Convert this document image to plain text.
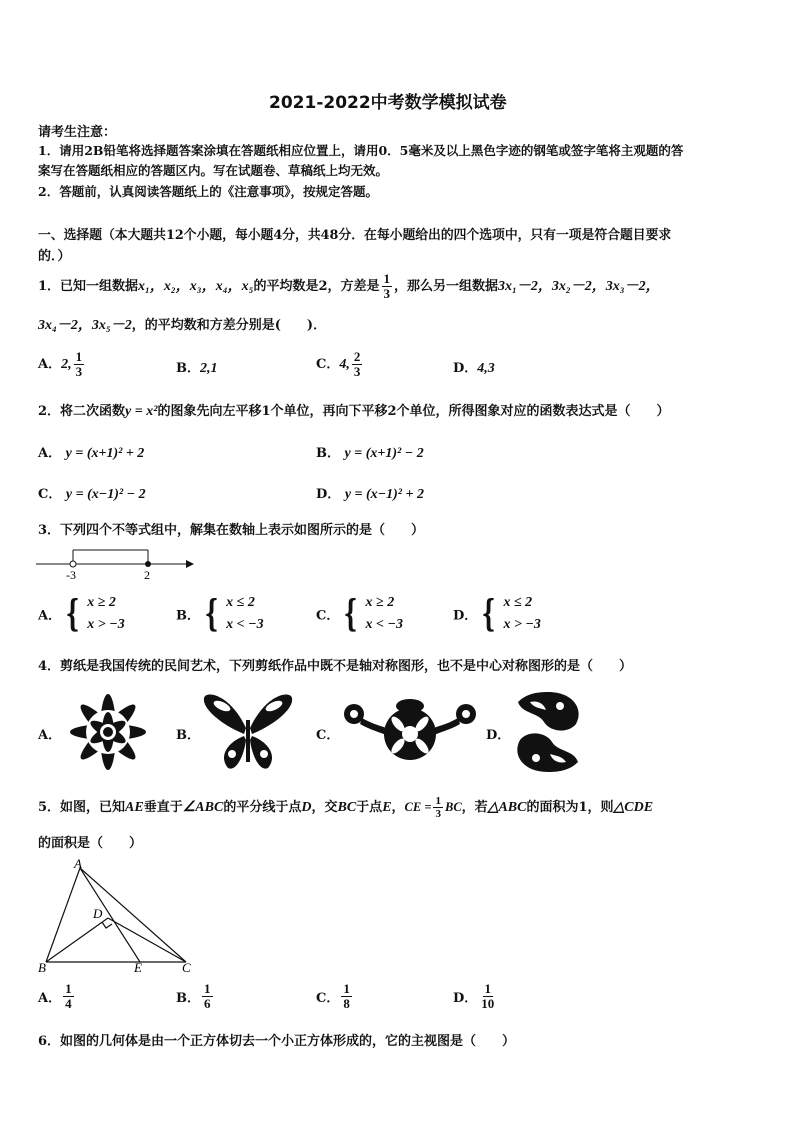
2021-2022中考数学模拟试卷
请考生注意：
1．请用2B铅笔将选择题答案涂填在答题纸相应位置上，请用0．5毫米及以上黑色字迹的钢笔或签字笔将主观题的答
案写在答题纸相应的答题区内。写在试题卷、草稿纸上均无效。
2．答题前，认真阅读答题纸上的《注意事项》，按规定答题。
一、选择题（本大题共12个小题，每小题4分，共48分．在每小题给出的四个选项中，只有一项是符合题目要求
的．）
1．已知一组数据x₁，x₂，x₃，x₄，x₅的平均数是2，方差是 $\frac{1}{3}$ ，那么另一组数据3x₁－2，3x₂－2，3x₃－2，
3x₄－2，3x₅－2，的平均数和方差分别是(　　)．
A．2, $\frac{1}{3}$	B．2,1	C．4, $\frac{2}{3}$	D．4,3
2．将二次函数y = x²的图象先向左平移1个单位，再向下平移2个单位，所得图象对应的函数表达式是（　　）
A． y = (x+1)² + 2	B． y = (x+1)² − 2
C． y = (x−1)² − 2	D． y = (x−1)² + 2
3．下列四个不等式组中，解集在数轴上表示如图所示的是（　　）
-3	2
A． { x ≥ 2
x > −3
B． { x ≤ 2
x < −3
C． { x ≥ 2
x < −3
D． { x ≤ 2
x > −3
4．剪纸是我国传统的民间艺术，下列剪纸作品中既不是轴对称图形，也不是中心对称图形的是（　　）
A．	B．	C．	D．
5．如图，已知AE垂直于∠ABC的平分线于点D，交BC于点E，CE = $\frac{1}{3}$ BC，若△ABC的面积为1，则△CDE
的面积是（　　）
A
B	C
D
E
A． $\frac{1}{4}$	B． $\frac{1}{6}$	C． $\frac{1}{8}$	D． $\frac{1}{10}$
6．如图的几何体是由一个正方体切去一个小正方体形成的，它的主视图是（　　）
